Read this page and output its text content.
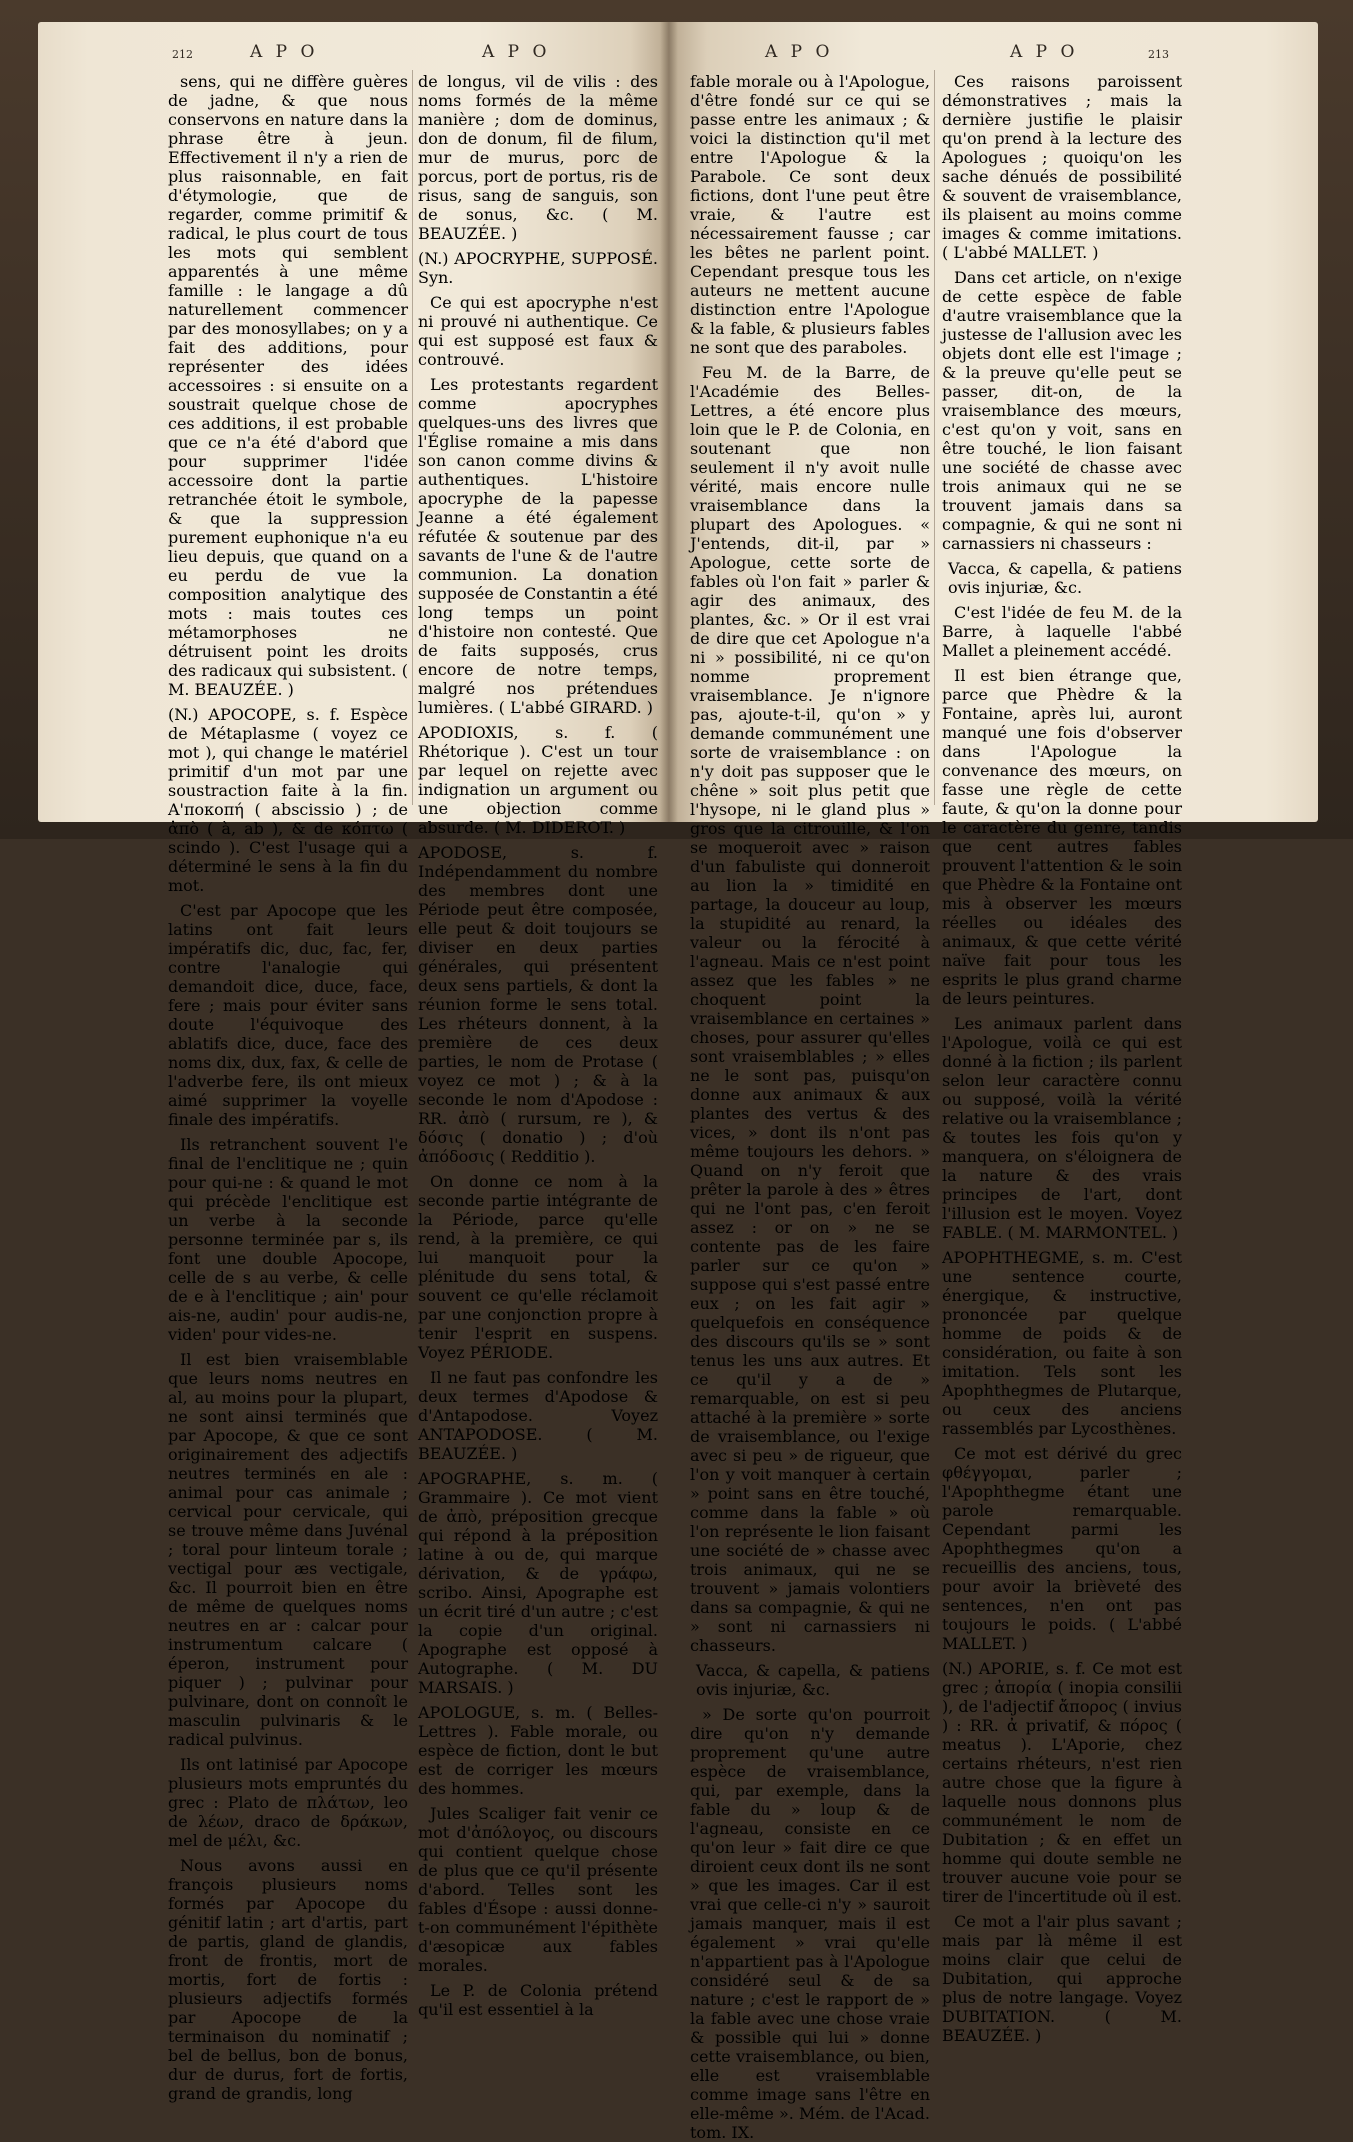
212	A P O	A P O	A P O	A P O	213

sens, qui ne diffère guères de jadne, & que nous conservons en nature dans la phrase être à jeun. Effectivement il n'y a rien de plus raisonnable, en fait d'étymologie, que de regarder, comme primitif & radical, le plus court de tous les mots qui semblent apparentés à une même famille : le langage a dû naturellement commencer par des monosyllabes; on y a fait des additions, pour représenter des idées accessoires : si ensuite on a soustrait quelque chose de ces additions, il est probable que ce n'a été d'abord que pour supprimer l'idée accessoire dont la partie retranchée étoit le symbole, & que la suppression purement euphonique n'a eu lieu depuis, que quand on a eu perdu de vue la composition analytique des mots : mais toutes ces métamorphoses ne détruisent point les droits des radicaux qui subsistent. ( M. BEAUZÉE. )

(N.) APOCOPE, s. f. Espèce de Métaplasme ( voyez ce mot ), qui change le matériel primitif d'un mot par une soustraction faite à la fin. A'ποκοπή ( abscissio ) ; de ἀπὸ ( à, ab ), & de κόπτω ( scindo ). C'est l'usage qui a déterminé le sens à la fin du mot.

C'est par Apocope que les latins ont fait leurs impératifs dic, duc, fac, fer, contre l'analogie qui demandoit dice, duce, face, fere ; mais pour éviter sans doute l'équivoque des ablatifs dice, duce, face des noms dix, dux, fax, & celle de l'adverbe fere, ils ont mieux aimé supprimer la voyelle finale des impératifs.

Ils retranchent souvent l'e final de l'enclitique ne ; quin pour qui-ne : & quand le mot qui précède l'enclitique est un verbe à la seconde personne terminée par s, ils font une double Apocope, celle de s au verbe, & celle de e à l'enclitique ; ain' pour ais-ne, audin' pour audis-ne, viden' pour vides-ne.

Il est bien vraisemblable que leurs noms neutres en al, au moins pour la plupart, ne sont ainsi terminés que par Apocope, & que ce sont originairement des adjectifs neutres terminés en ale : animal pour cas animale ; cervical pour cervicale, qui se trouve même dans Juvénal ; toral pour linteum torale ; vectigal pour æs vectigale, &c. Il pourroit bien en être de même de quelques noms neutres en ar : calcar pour instrumentum calcare ( éperon, instrument pour piquer ) ; pulvinar pour pulvinare, dont on connoît le masculin pulvinaris & le radical pulvinus.

Ils ont latinisé par Apocope plusieurs mots empruntés du grec : Plato de πλάτων, leo de λέων, draco de δράκων, mel de μέλι, &c.

Nous avons aussi en françois plusieurs noms formés par Apocope du génitif latin ; art d'artis, part de partis, gland de glandis, front de frontis, mort de mortis, fort de fortis : plusieurs adjectifs formés par Apocope de la terminaison du nominatif ; bel de bellus, bon de bonus, dur de durus, fort de fortis, grand de grandis, long

de longus, vil de vilis : des noms formés de la même manière ; dom de dominus, don de donum, fil de filum, mur de murus, porc de porcus, port de portus, ris de risus, sang de sanguis, son de sonus, &c. ( M. BEAUZÉE. )

(N.) APOCRYPHE, SUPPOSÉ. Syn.

Ce qui est apocryphe n'est ni prouvé ni authentique. Ce qui est supposé est faux & controuvé.

Les protestants regardent comme apocryphes quelques-uns des livres que l'Église romaine a mis dans son canon comme divins & authentiques. L'histoire apocryphe de la papesse Jeanne a été également réfutée & soutenue par des savants de l'une & de l'autre communion. La donation supposée de Constantin a été long temps un point d'histoire non contesté. Que de faits supposés, crus encore de notre temps, malgré nos prétendues lumières. ( L'abbé GIRARD. )

APODIOXIS, s. f. ( Rhétorique ). C'est un tour par lequel on rejette avec indignation un argument ou une objection comme absurde. ( M. DIDEROT. )

APODOSE, s. f. Indépendamment du nombre des membres dont une Période peut être composée, elle peut & doit toujours se diviser en deux parties générales, qui présentent deux sens partiels, & dont la réunion forme le sens total. Les rhéteurs donnent, à la première de ces deux parties, le nom de Protase ( voyez ce mot ) ; & à la seconde le nom d'Apodose : RR. ἀπὸ ( rursum, re ), & δόσις ( donatio ) ; d'où ἀπόδοσις ( Redditio ).

On donne ce nom à la seconde partie intégrante de la Période, parce qu'elle rend, à la première, ce qui lui manquoit pour la plénitude du sens total, & souvent ce qu'elle réclamoit par une conjonction propre à tenir l'esprit en suspens. Voyez PÉRIODE.

Il ne faut pas confondre les deux termes d'Apodose & d'Antapodose. Voyez ANTAPODOSE. ( M. BEAUZÉE. )

APOGRAPHE, s. m. ( Grammaire ). Ce mot vient de ἀπὸ, préposition grecque qui répond à la préposition latine à ou de, qui marque dérivation, & de γράφω, scribo. Ainsi, Apographe est un écrit tiré d'un autre ; c'est la copie d'un original. Apographe est opposé à Autographe. ( M. DU MARSAIS. )

APOLOGUE, s. m. ( Belles-Lettres ). Fable morale, ou espèce de fiction, dont le but est de corriger les mœurs des hommes.

Jules Scaliger fait venir ce mot d'ἀπόλογος, ou discours qui contient quelque chose de plus que ce qu'il présente d'abord. Telles sont les fables d'Ésope : aussi donne-t-on communément l'épithète d'æsopicæ aux fables morales.

Le P. de Colonia prétend qu'il est essentiel à la

fable morale ou à l'Apologue, d'être fondé sur ce qui se passe entre les animaux ; & voici la distinction qu'il met entre l'Apologue & la Parabole. Ce sont deux fictions, dont l'une peut être vraie, & l'autre est nécessairement fausse ; car les bêtes ne parlent point. Cependant presque tous les auteurs ne mettent aucune distinction entre l'Apologue & la fable, & plusieurs fables ne sont que des paraboles.

Feu M. de la Barre, de l'Académie des Belles-Lettres, a été encore plus loin que le P. de Colonia, en soutenant que non seulement il n'y avoit nulle vérité, mais encore nulle vraisemblance dans la plupart des Apologues. « J'entends, dit-il, par » Apologue, cette sorte de fables où l'on fait » parler & agir des animaux, des plantes, &c. » Or il est vrai de dire que cet Apologue n'a ni » possibilité, ni ce qu'on nomme proprement vraisemblance. Je n'ignore pas, ajoute-t-il, qu'on » y demande communément une sorte de vraisemblance : on n'y doit pas supposer que le chêne » soit plus petit que l'hysope, ni le gland plus » gros que la citrouille, & l'on se moqueroit avec » raison d'un fabuliste qui donneroit au lion la » timidité en partage, la douceur au loup, la stupidité au renard, la valeur ou la férocité à l'agneau. Mais ce n'est point assez que les fables » ne choquent point la vraisemblance en certaines » choses, pour assurer qu'elles sont vraisemblables ; » elles ne le sont pas, puisqu'on donne aux animaux & aux plantes des vertus & des vices, » dont ils n'ont pas même toujours les dehors. » Quand on n'y feroit que prêter la parole à des » êtres qui ne l'ont pas, c'en feroit assez : or on » ne se contente pas de les faire parler sur ce qu'on » suppose qui s'est passé entre eux ; on les fait agir » quelquefois en conséquence des discours qu'ils se » sont tenus les uns aux autres. Et ce qu'il y a de » remarquable, on est si peu attaché à la première » sorte de vraisemblance, ou l'exige avec si peu » de rigueur, que l'on y voit manquer à certain » point sans en être touché, comme dans la fable » où l'on représente le lion faisant une société de » chasse avec trois animaux, qui ne se trouvent » jamais volontiers dans sa compagnie, & qui ne » sont ni carnassiers ni chasseurs.

Vacca, & capella, & patiens ovis injuriæ, &c.

» De sorte qu'on pourroit dire qu'on n'y demande proprement qu'une autre espèce de vraisemblance, qui, par exemple, dans la fable du » loup & de l'agneau, consiste en ce qu'on leur » fait dire ce que diroient ceux dont ils ne sont » que les images. Car il est vrai que celle-ci n'y » sauroit jamais manquer, mais il est également » vrai qu'elle n'appartient pas à l'Apologue considéré seul & de sa nature ; c'est le rapport de » la fable avec une chose vraie & possible qui lui » donne cette vraisemblance, ou bien, elle est vraisemblable comme image sans l'être en elle-même ». Mém. de l'Acad. tom. IX.

Ces raisons paroissent démonstratives ; mais la dernière justifie le plaisir qu'on prend à la lecture des Apologues ; quoiqu'on les sache dénués de possibilité & souvent de vraisemblance, ils plaisent au moins comme images & comme imitations. ( L'abbé MALLET. )

Dans cet article, on n'exige de cette espèce de fable d'autre vraisemblance que la justesse de l'allusion avec les objets dont elle est l'image ; & la preuve qu'elle peut se passer, dit-on, de la vraisemblance des mœurs, c'est qu'on y voit, sans en être touché, le lion faisant une société de chasse avec trois animaux qui ne se trouvent jamais dans sa compagnie, & qui ne sont ni carnassiers ni chasseurs :

Vacca, & capella, & patiens ovis injuriæ, &c.

C'est l'idée de feu M. de la Barre, à laquelle l'abbé Mallet a pleinement accédé.

Il est bien étrange que, parce que Phèdre & la Fontaine, après lui, auront manqué une fois d'observer dans l'Apologue la convenance des mœurs, on fasse une règle de cette faute, & qu'on la donne pour le caractère du genre, tandis que cent autres fables prouvent l'attention & le soin que Phèdre & la Fontaine ont mis à observer les mœurs réelles ou idéales des animaux, & que cette vérité naïve fait pour tous les esprits le plus grand charme de leurs peintures.

Les animaux parlent dans l'Apologue, voilà ce qui est donné à la fiction ; ils parlent selon leur caractère connu ou supposé, voilà la vérité relative ou la vraisemblance ; & toutes les fois qu'on y manquera, on s'éloignera de la nature & des vrais principes de l'art, dont l'illusion est le moyen. Voyez FABLE. ( M. MARMONTEL. )

APOPHTHEGME, s. m. C'est une sentence courte, énergique, & instructive, prononcée par quelque homme de poids & de considération, ou faite à son imitation. Tels sont les Apophthegmes de Plutarque, ou ceux des anciens rassemblés par Lycosthènes.

Ce mot est dérivé du grec φθέγγομαι, parler ; l'Apophthegme étant une parole remarquable. Cependant parmi les Apophthegmes qu'on a recueillis des anciens, tous, pour avoir la brièveté des sentences, n'en ont pas toujours le poids. ( L'abbé MALLET. )

(N.) APORIE, s. f. Ce mot est grec ; ἀπορία ( inopia consilii ), de l'adjectif ἄπορος ( invius ) : RR. ἀ privatif, & πόρος ( meatus ). L'Aporie, chez certains rhéteurs, n'est rien autre chose que la figure à laquelle nous donnons plus communément le nom de Dubitation ; & en effet un homme qui doute semble ne trouver aucune voie pour se tirer de l'incertitude où il est.

Ce mot a l'air plus savant ; mais par là même il est moins clair que celui de Dubitation, qui approche plus de notre langage. Voyez DUBITATION. ( M. BEAUZÉE. )
